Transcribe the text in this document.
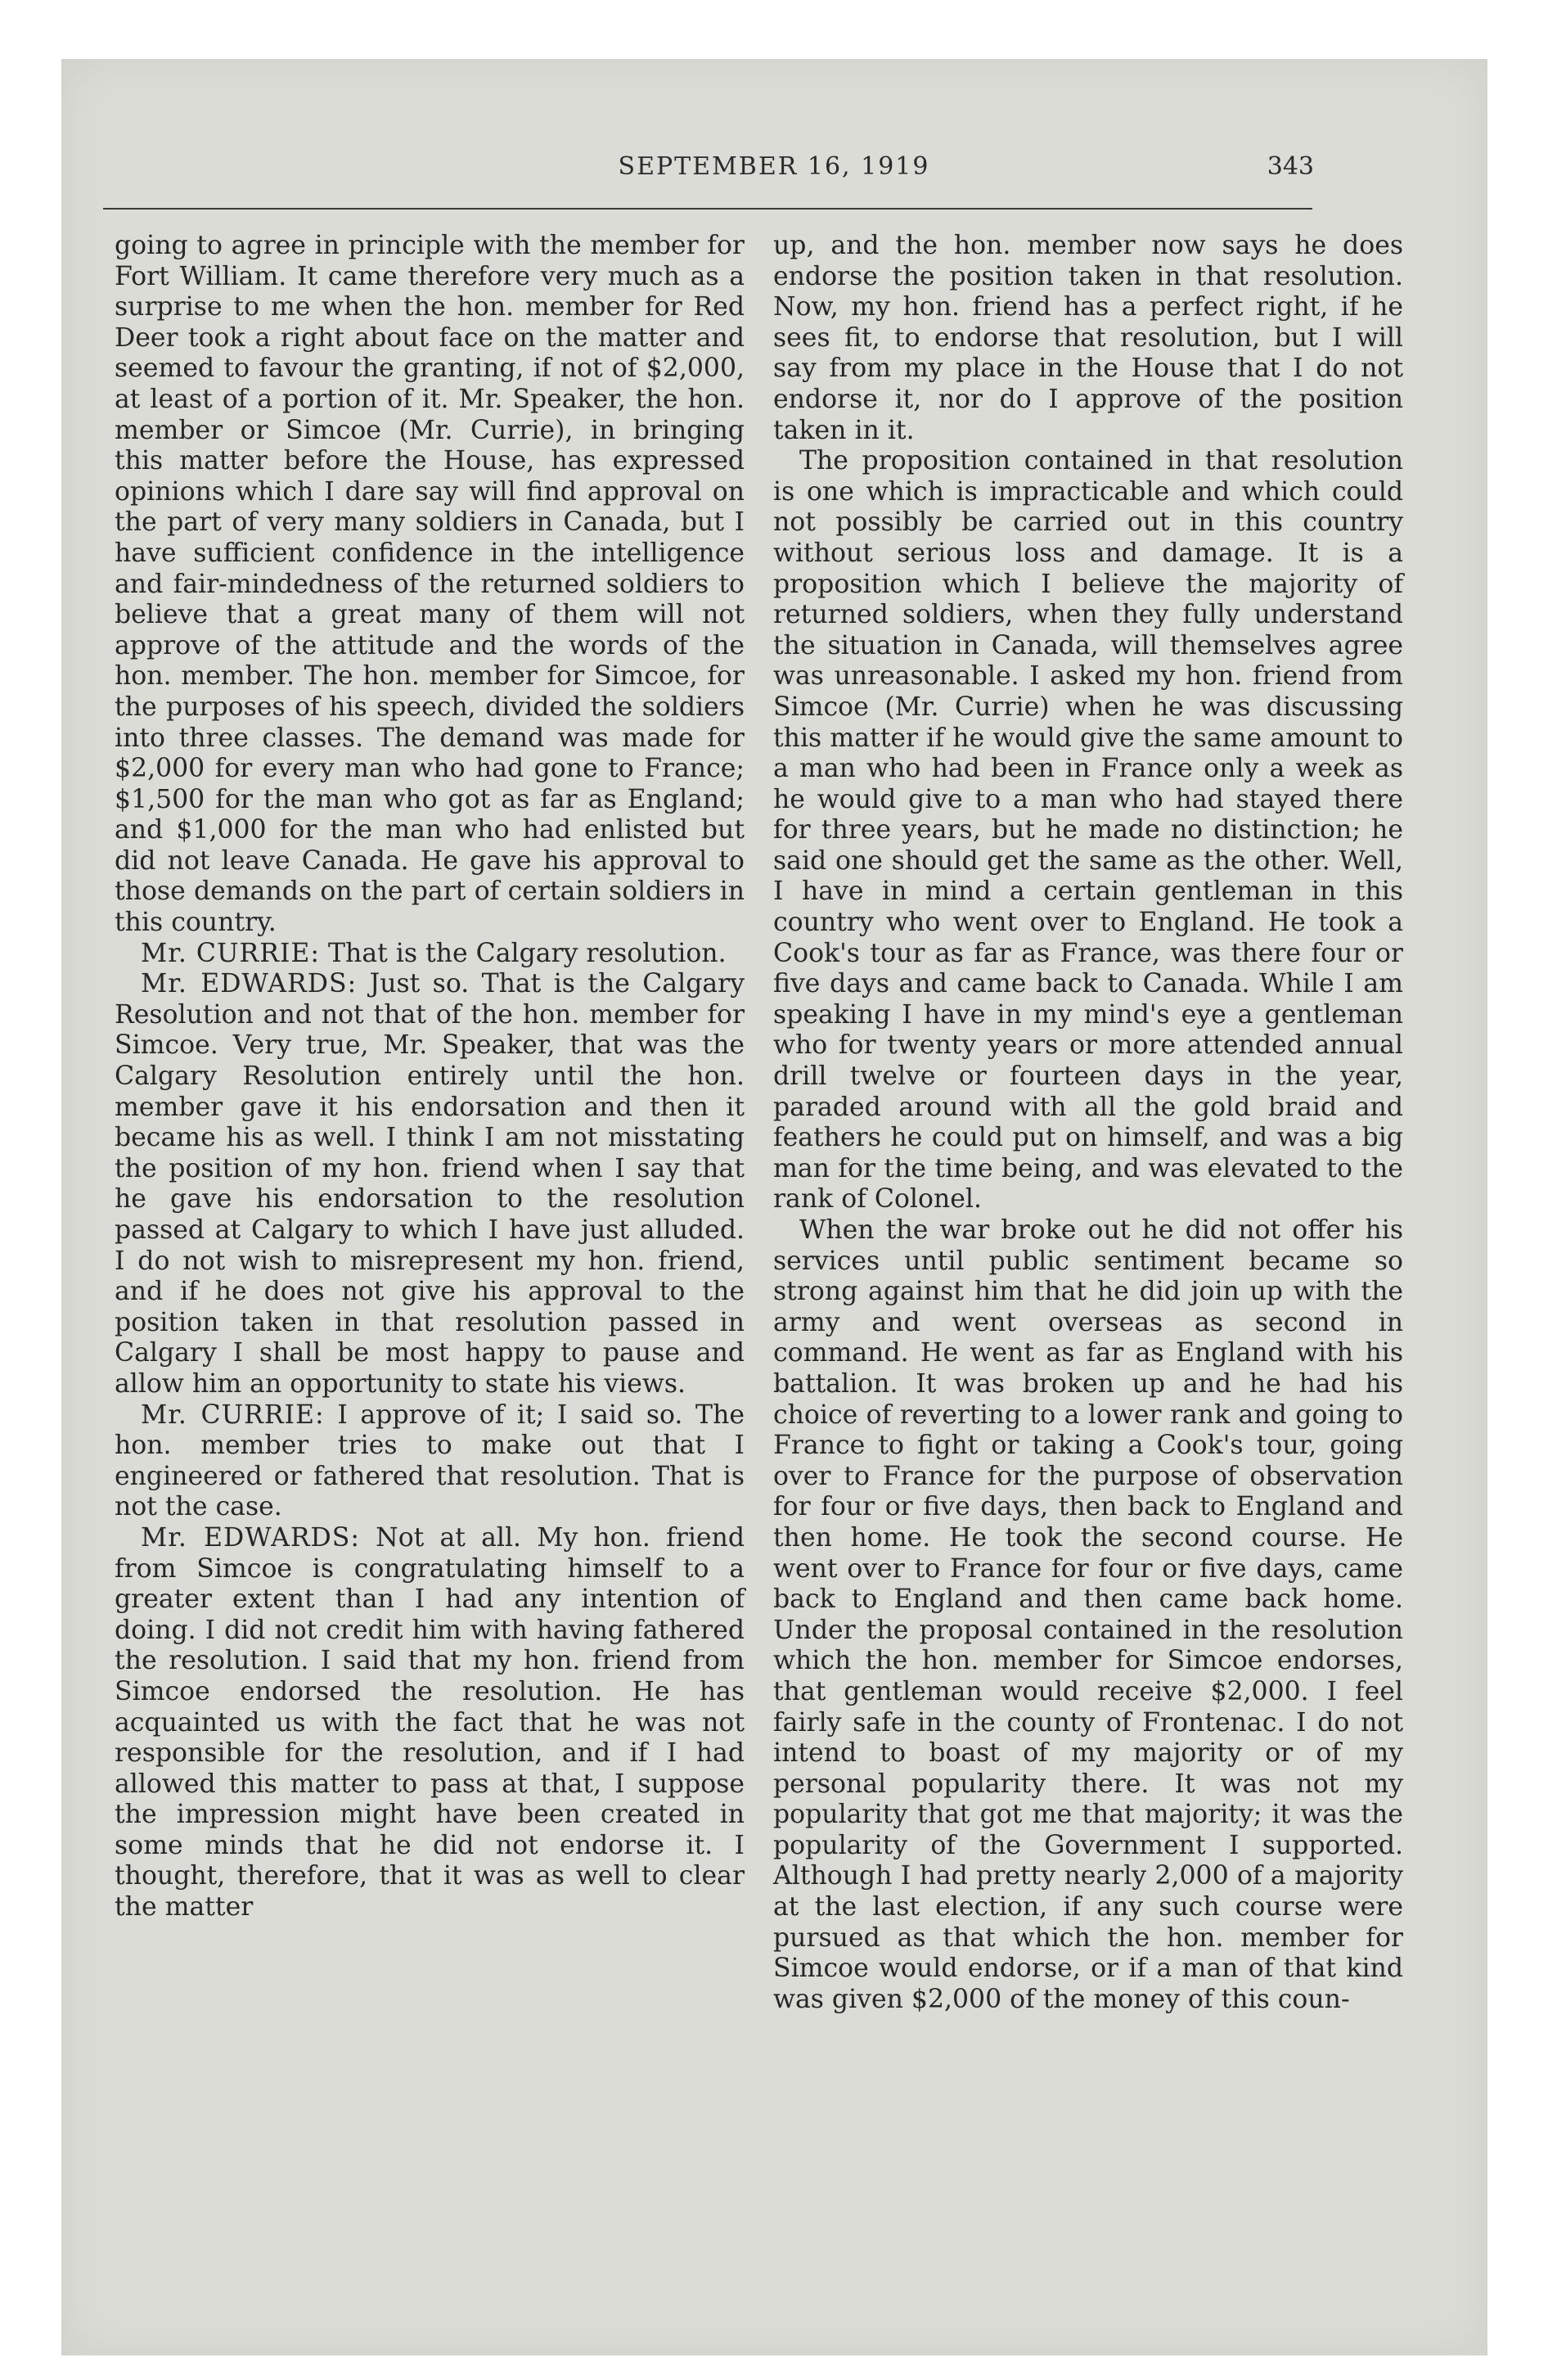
SEPTEMBER 16, 1919	343

going to agree in principle with the member for Fort William. It came therefore very much as a surprise to me when the hon. member for Red Deer took a right about face on the matter and seemed to favour the granting, if not of $2,000, at least of a portion of it. Mr. Speaker, the hon. member or Simcoe (Mr. Currie), in bringing this matter before the House, has expressed opinions which I dare say will find approval on the part of very many soldiers in Canada, but I have sufficient confidence in the intelligence and fair-mindedness of the returned soldiers to believe that a great many of them will not approve of the attitude and the words of the hon. member. The hon. member for Simcoe, for the purposes of his speech, divided the soldiers into three classes. The demand was made for $2,000 for every man who had gone to France; $1,500 for the man who got as far as England; and $1,000 for the man who had enlisted but did not leave Canada. He gave his approval to those demands on the part of certain soldiers in this country.

Mr. CURRIE: That is the Calgary resolution.

Mr. EDWARDS: Just so. That is the Calgary Resolution and not that of the hon. member for Simcoe. Very true, Mr. Speaker, that was the Calgary Resolution entirely until the hon. member gave it his endorsation and then it became his as well. I think I am not misstating the position of my hon. friend when I say that he gave his endorsation to the resolution passed at Calgary to which I have just alluded. I do not wish to misrepresent my hon. friend, and if he does not give his approval to the position taken in that resolution passed in Calgary I shall be most happy to pause and allow him an opportunity to state his views.

Mr. CURRIE: I approve of it; I said so. The hon. member tries to make out that I engineered or fathered that resolution. That is not the case.

Mr. EDWARDS: Not at all. My hon. friend from Simcoe is congratulating himself to a greater extent than I had any intention of doing. I did not credit him with having fathered the resolution. I said that my hon. friend from Simcoe endorsed the resolution. He has acquainted us with the fact that he was not responsible for the resolution, and if I had allowed this matter to pass at that, I suppose the impression might have been created in some minds that he did not endorse it. I thought, therefore, that it was as well to clear the matter

up, and the hon. member now says he does endorse the position taken in that resolution. Now, my hon. friend has a perfect right, if he sees fit, to endorse that resolution, but I will say from my place in the House that I do not endorse it, nor do I approve of the position taken in it.

The proposition contained in that resolution is one which is impracticable and which could not possibly be carried out in this country without serious loss and damage. It is a proposition which I believe the majority of returned soldiers, when they fully understand the situation in Canada, will themselves agree was unreasonable. I asked my hon. friend from Simcoe (Mr. Currie) when he was discussing this matter if he would give the same amount to a man who had been in France only a week as he would give to a man who had stayed there for three years, but he made no distinction; he said one should get the same as the other. Well, I have in mind a certain gentleman in this country who went over to England. He took a Cook's tour as far as France, was there four or five days and came back to Canada. While I am speaking I have in my mind's eye a gentleman who for twenty years or more attended annual drill twelve or fourteen days in the year, paraded around with all the gold braid and feathers he could put on himself, and was a big man for the time being, and was elevated to the rank of Colonel.

When the war broke out he did not offer his services until public sentiment became so strong against him that he did join up with the army and went overseas as second in command. He went as far as England with his battalion. It was broken up and he had his choice of reverting to a lower rank and going to France to fight or taking a Cook's tour, going over to France for the purpose of observation for four or five days, then back to England and then home. He took the second course. He went over to France for four or five days, came back to England and then came back home. Under the proposal contained in the resolution which the hon. member for Simcoe endorses, that gentleman would receive $2,000. I feel fairly safe in the county of Frontenac. I do not intend to boast of my majority or of my personal popularity there. It was not my popularity that got me that majority; it was the popularity of the Government I supported. Although I had pretty nearly 2,000 of a majority at the last election, if any such course were pursued as that which the hon. member for Simcoe would endorse, or if a man of that kind was given $2,000 of the money of this coun-
